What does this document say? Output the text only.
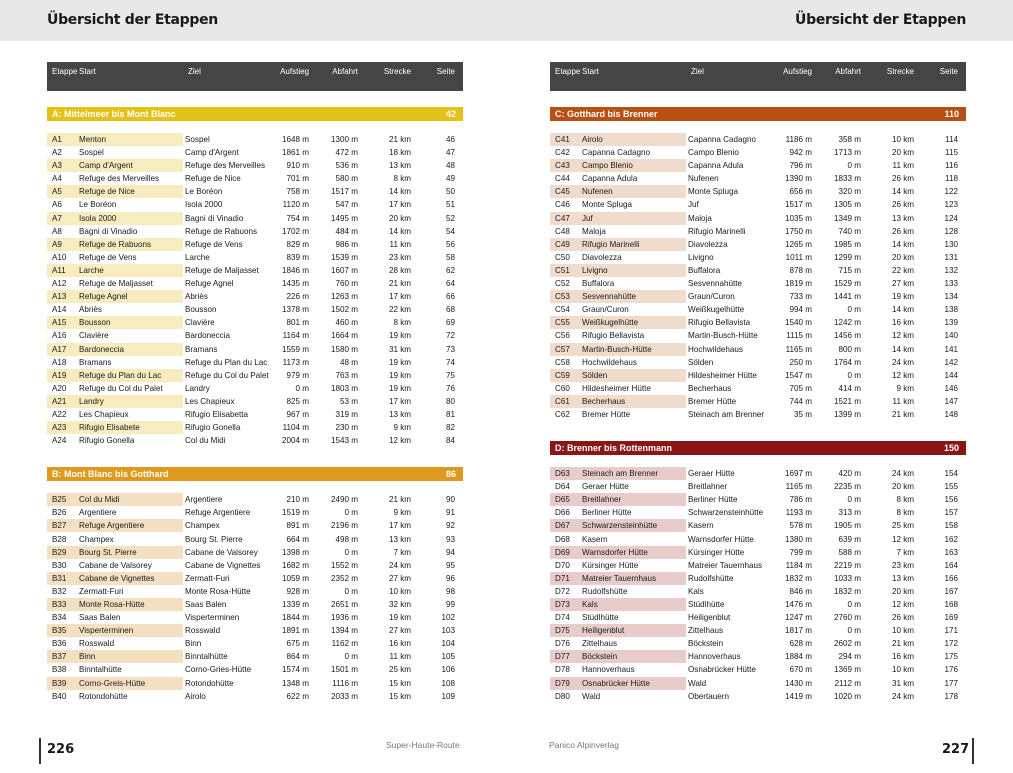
Übersicht der Etappen	Übersicht der Etappen
Etappe Start	Ziel	Aufstieg	Abfahrt	Strecke	Seite
A: Mittelmeer bis Mont Blanc	42
A1 Menton	Sospel	1648 m	1300 m	21 km	46
A2 Sospel	Camp d'Argent	1861 m	472 m	18 km	47
A3 Camp d'Argent	Refuge des Merveilles	910 m	536 m	13 km	48
A4 Refuge des Merveilles	Refuge de Nice	701 m	580 m	8 km	49
A5 Refuge de Nice	Le Boréon	758 m	1517 m	14 km	50
A6 Le Boréon	Isola 2000	1120 m	547 m	17 km	51
A7 Isola 2000	Bagni di Vinadio	754 m	1495 m	20 km	52
A8 Bagni di Vinadio	Refuge de Rabuons	1702 m	484 m	14 km	54
A9 Refuge de Rabuons	Refuge de Vens	829 m	986 m	11 km	56
A10 Refuge de Vens	Larche	839 m	1539 m	23 km	58
A11 Larche	Refuge de Maljasset	1846 m	1607 m	28 km	62
A12 Refuge de Maljasset	Refuge Agnel	1435 m	760 m	21 km	64
A13 Refuge Agnel	Abriès	226 m	1263 m	17 km	66
A14 Abriès	Bousson	1378 m	1502 m	22 km	68
A15 Bousson	Clavière	801 m	460 m	8 km	69
A16 Clavière	Bardoneccia	1164 m	1664 m	19 km	72
A17 Bardoneccia	Bramans	1559 m	1580 m	31 km	73
A18 Bramans	Refuge du Plan du Lac 1173 m	48 m	19 km	74
A19 Refuge du Plan du Lac	Refuge du Col du Palet 979 m	763 m	19 km	75
A20 Refuge du Col du Palet	Landry	0 m	1803 m	19 km	76
A21 Landry	Les Chapieux	825 m	53 m	17 km	80
A22 Les Chapieux	Rifugio Elisabetta	967 m	319 m	13 km	81
A23 Rifugio Elisabete	Rifugio Gonella	1104 m	230 m	9 km	82
A24 Rifugio Gonella	Col du Midi	2004 m	1543 m	12 km	84
B: Mont Blanc bis Gotthard	86
B25 Col du Midi	Argentiere	210 m	2490 m	21 km	90
B26 Argentiere	Refuge Argentiere	1519 m	0 m	9 km	91
B27 Refuge Argentiere	Champex	891 m	2196 m	17 km	92
B28 Champex	Bourg St. Pierre	664 m	498 m	13 km	93
B29 Bourg St. Pierre	Cabane de Valsorey	1398 m	0 m	7 km	94
B30 Cabane de Valsorey	Cabane de Vignettes	1682 m	1552 m	24 km	95
B31 Cabane de Vignettes	Zermatt-Furi	1059 m	2352 m	27 km	96
B32 Zermatt-Furi	Monte Rosa-Hütte	928 m	0 m	10 km	98
B33 Monte Rosa-Hütte	Saas Balen	1339 m	2651 m	32 km	99
B34 Saas Balen	Visperterminen	1844 m	1936 m	19 km	102
B35 Visperterminen	Rosswald	1891 m	1394 m	27 km	103
B36 Rosswald	Binn	675 m	1162 m	16 km	104
B37 Binn	Binntalhütte	864 m	0 m	11 km	105
B38 Binntalhütte	Corno-Gries-Hütte	1574 m	1501 m	25 km	106
B39 Corno-Greis-Hütte	Rotondohütte	1348 m	1116 m	15 km	108
B40 Rotondohütte	Airolo	622 m	2033 m	15 km	109
Etappe Start	Ziel	Aufstieg	Abfahrt	Strecke	Seite
C: Gotthard bis Brenner	110
C41 Airolo	Capanna Cadagno	1186 m	358 m	10 km	114
C42 Capanna Cadagno	Campo Blenio	942 m	1713 m	20 km	115
C43 Campo Blenio	Capanna Adula	796 m	0 m	11 km	116
C44 Capanna Adula	Nufenen	1390 m	1833 m	26 km	118
C45 Nufenen	Monte Spluga	656 m	320 m	14 km	122
C46 Monte Spluga	Juf	1517 m	1305 m	26 km	123
C47 Juf	Maloja	1035 m	1349 m	13 km	124
C48 Maloja	Rifugio Marinelli	1750 m	740 m	26 km	128
C49 Rifugio Marinelli	Diavolezza	1265 m	1985 m	14 km	130
C50 Diavolezza	Livigno	1011 m	1299 m	20 km	131
C51 Livigno	Buffalora	878 m	715 m	22 km	132
C52 Buffalora	Sesvennahütte	1819 m	1529 m	27 km	133
C53 Sesvennahütte	Graun/Curon	733 m	1441 m	19 km	134
C54 Graun/Curon	Weißkugelhütte	994 m	0 m	14 km	138
C55 Weißkugelhütte	Rifugio Bellavista	1540 m	1242 m	16 km	139
C56 Rifugio Bellavista	Martin-Busch-Hütte	1115 m	1456 m	12 km	140
C57 Martin-Busch-Hütte	Hochwildehaus	1165 m	800 m	14 km	141
C58 Hochwildehaus	Sölden	250 m	1764 m	24 km	142
C59 Sölden	Hildesheimer Hütte	1547 m	0 m	12 km	144
C60 Hildesheimer Hütte	Becherhaus	705 m	414 m	9 km	146
C61 Becherhaus	Bremer Hütte	744 m	1521 m	11 km	147
C62 Bremer Hütte	Steinach am Brenner	35 m	1399 m	21 km	148
D: Brenner bis Rottenmann	150
D63 Steinach am Brenner	Geraer Hütte	1697 m	420 m	24 km	154
D64 Geraer Hütte	Breitlahner	1165 m	2235 m	20 km	155
D65 Breitlahner	Berliner Hütte	786 m	0 m	8 km	156
D66 Berliner Hütte	Schwarzensteinhütte	1193 m	313 m	8 km	157
D67 Schwarzensteinhütte	Kasern	578 m	1905 m	25 km	158
D68 Kasern	Warnsdorfer Hütte	1380 m	639 m	12 km	162
D69 Warnsdorfer Hütte	Kürsinger Hütte	799 m	588 m	7 km	163
D70 Kürsinger Hütte	Matreier Tauernhaus	1184 m	2219 m	23 km	164
D71 Matreier Tauernhaus	Rudolfshütte	1832 m	1033 m	13 km	166
D72 Rudolfshütte	Kals	846 m	1832 m	20 km	167
D73 Kals	Stüdlhütte	1476 m	0 m	12 km	168
D74 Stüdlhütte	Heiligenblut	1247 m	2760 m	26 km	169
D75 Heiligenblut	Zittelhaus	1817 m	0 m	10 km	171
D76 Zittelhaus	Böckstein	628 m	2602 m	21 km	172
D77 Böckstein	Hannoverhaus	1884 m	294 m	16 km	175
D78 Hannoverhaus	Osnabrücker Hütte	670 m	1369 m	10 km	176
D79 Osnabrücker Hütte	Wald	1430 m	2112 m	31 km	177
D80 Wald	Obertauern	1419 m	1020 m	24 km	178
226	Super-Haute-Route	Panico Alpinverlag	227
